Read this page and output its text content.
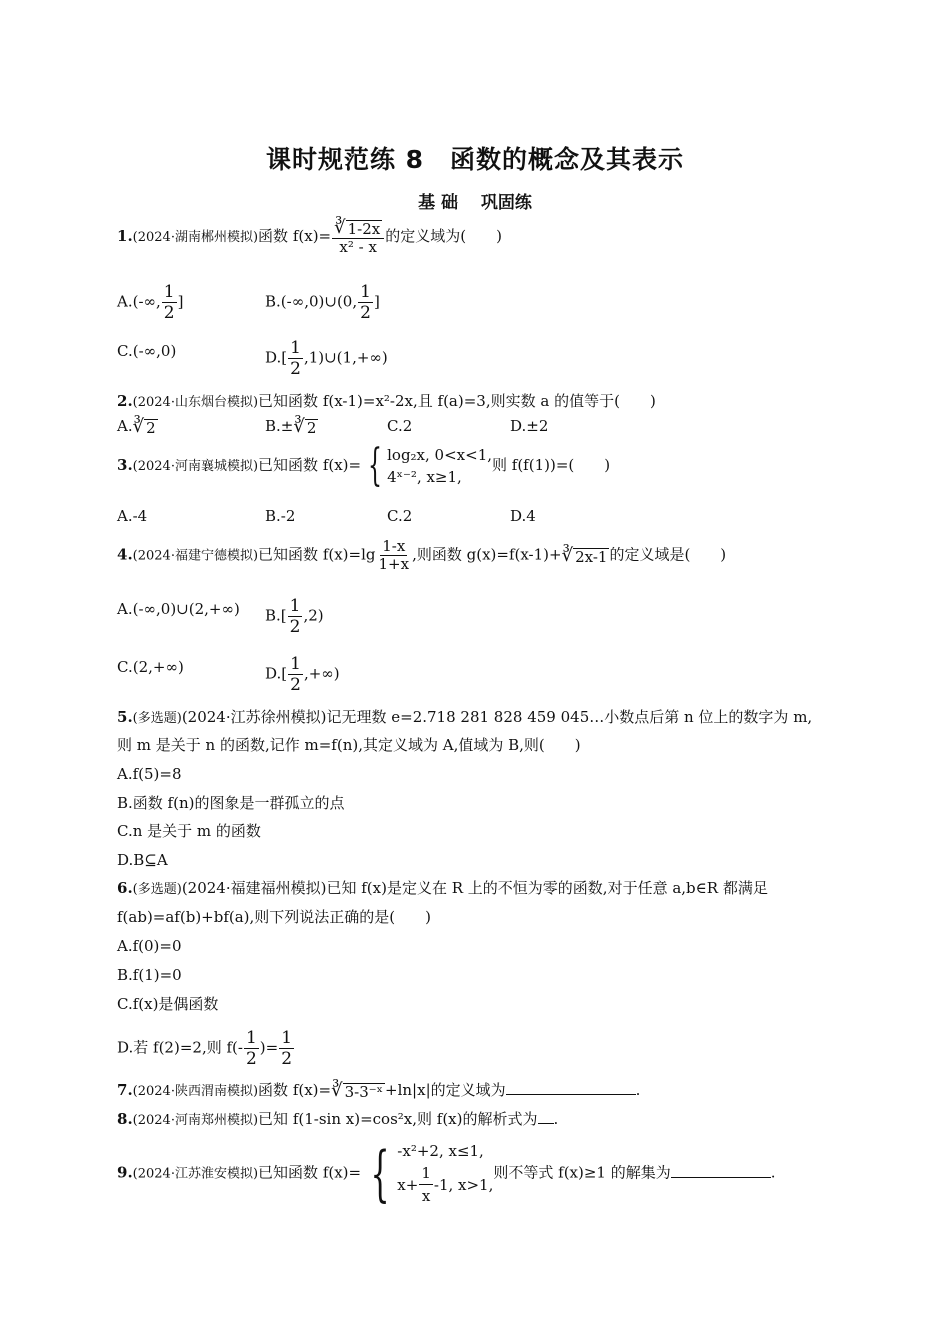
课时规范练 8　函数的概念及其表示
基 础　 巩固练
1.(2024·湖南郴州模拟)函数 $f(x)= \frac{∛ 1-2x}{\text{x² - x}}$ 的定义域为(　　)
A.(-∞, $\frac{1}{2}$ ]	B.(-∞,0)∪(0, $\frac{1}{2}$ ]
C.(-∞,0)	$D.[ \frac{1}{2}$ ,1)∪(1,+∞)
2.(2024·山东烟台模拟)已知函数 f(x-1)=x²-2x,且 f(a)=3,则实数 a 的值等于(　　)
A. ∛ 2	B.± ∛ 2	C.2	D.±2
3.(2024·河南襄城模拟)已知函数 f(x)= { log₂x, 0<x<1,
4ˣ⁻², x≥1,
则 f(f(1))=(　　)
A.-4	B.-2	C.2	D.4
4.(2024·福建宁德模拟)已知函数 $f(x)=\lg \frac{1-x}{1+x}$ ,则函数 g(x)=f(x-1)+ ∛ 2x-1 的定义域是(　　)
A.(-∞,0)∪(2,+∞) $B.[ \frac{1}{2} ,2)$
C.(2,+∞)	$D.[ \frac{1}{2}$ ,+∞)
5.(多选题)(2024·江苏徐州模拟)记无理数 e=2.718 281 828 459 045…小数点后第 n 位上的数字为 m,
则 m 是关于 n 的函数,记作 m=f(n),其定义域为 A,值域为 B,则(　　)
A.f(5)=8
B.函数 f(n)的图象是一群孤立的点
C.n 是关于 m 的函数
D.B⊆A
6.(多选题)(2024·福建福州模拟)已知 f(x)是定义在 R 上的不恒为零的函数,对于任意 a,b∈R 都满足
f(ab)=af(b)+bf(a),则下列说法正确的是(　　)
A.f(0)=0
B.f(1)=0
C.f(x)是偶函数
D.若 f(2)=2,则 $f(- \frac{1}{2}$ )= $\frac{1}{2}$
7.(2024·陕西渭南模拟)函数 f(x)= ∛ 3-3⁻ˣ +ln|x|的定义域为	.
8.(2024·河南郑州模拟)已知 f(1-sin x)=cos²x,则 f(x)的解析式为 .
9.(2024·江苏淮安模拟)已知函数 f(x)= { -x²+2, x≤1,
$x+ \frac{1}{x} -1$, x>1,
则不等式 f(x)≥1 的解集为	.
